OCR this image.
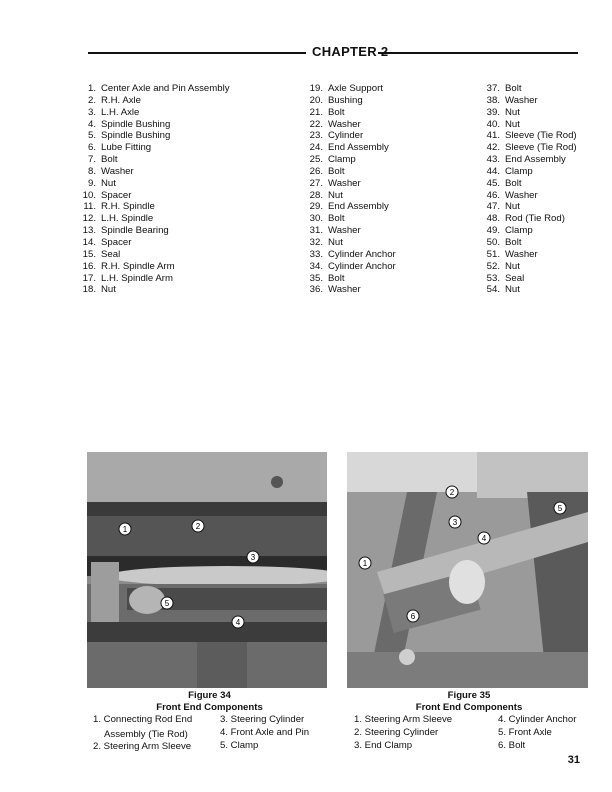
CHAPTER 2
1. Center Axle and Pin Assembly
2. R.H. Axle
3. L.H. Axle
4. Spindle Bushing
5. Spindle Bushing
6. Lube Fitting
7. Bolt
8. Washer
9. Nut
10. Spacer
11. R.H. Spindle
12. L.H. Spindle
13. Spindle Bearing
14. Spacer
15. Seal
16. R.H. Spindle Arm
17. L.H. Spindle Arm
18. Nut
19. Axle Support
20. Bushing
21. Bolt
22. Washer
23. Cylinder
24. End Assembly
25. Clamp
26. Bolt
27. Washer
28. Nut
29. End Assembly
30. Bolt
31. Washer
32. Nut
33. Cylinder Anchor
34. Cylinder Anchor
35. Bolt
36. Washer
37. Bolt
38. Washer
39. Nut
40. Nut
41. Sleeve (Tie Rod)
42. Sleeve (Tie Rod)
43. End Assembly
44. Clamp
45. Bolt
46. Washer
47. Nut
48. Rod (Tie Rod)
49. Clamp
50. Bolt
51. Washer
52. Nut
53. Seal
54. Nut
1	2
3
4
5
1
2
3
4
5
6
Figure 34
Front End Components
1. Connecting Rod End
Assembly (Tie Rod)
2. Steering Arm Sleeve
3. Steering Cylinder
4. Front Axle and Pin
5. Clamp
Figure 35
Front End Components
1. Steering Arm Sleeve
2. Steering Cylinder
3. End Clamp
4. Cylinder Anchor
5. Front Axle
6. Bolt
31
